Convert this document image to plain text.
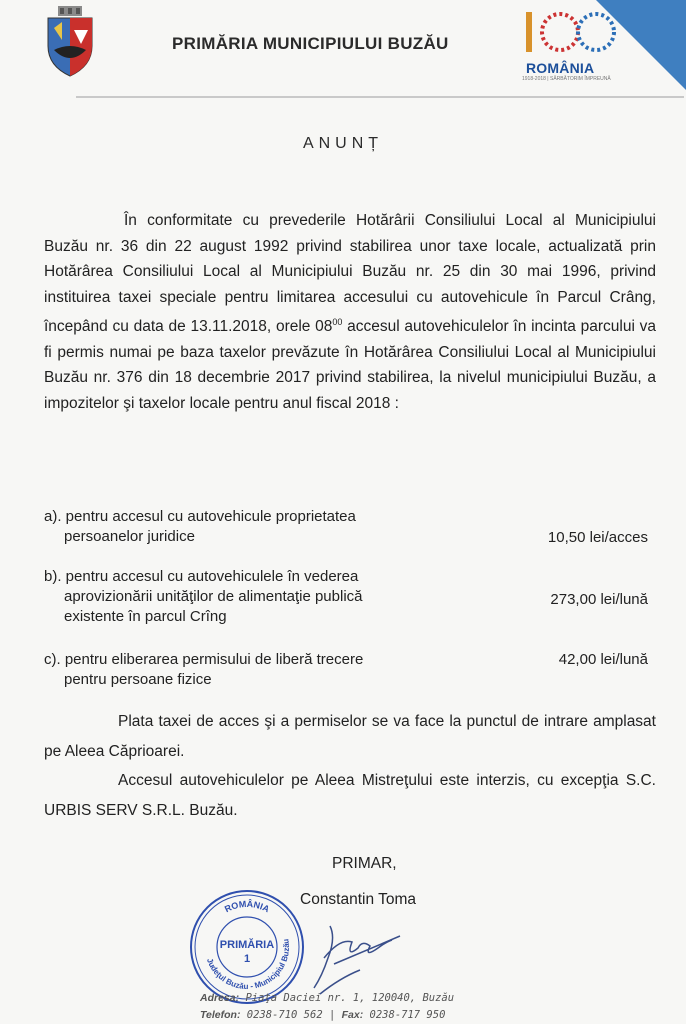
PRIMĂRIA MUNICIPIULUI BUZĂU
ROMÂNIA
1918-2018 | SĂRBĂTORIM ÎMPREUNĂ
ANUNȚ
În conformitate cu prevederile Hotărârii Consiliului Local al Municipiului Buzău nr. 36 din 22 august 1992 privind stabilirea unor taxe locale, actualizată prin Hotărârea Consiliului Local al Municipiului Buzău nr. 25 din 30 mai 1996, privind instituirea taxei speciale pentru limitarea accesului cu autovehicule în Parcul Crâng, începând cu data de 13.11.2018, orele $08^{00}$ accesul autovehiculelor în incinta parcului va fi permis numai pe baza taxelor prevăzute în Hotărârea Consiliului Local al Municipiului Buzău nr. 376 din 18 decembrie 2017 privind stabilirea, la nivelul municipiului Buzău, a impozitelor şi taxelor locale pentru anul fiscal 2018 :
a). pentru accesul cu autovehicule proprietatea
persoanelor juridice	10,50 lei/acces
b). pentru accesul cu autovehiculele în vederea
aprovizionării unităţilor de alimentaţie publică
existente în parcul Crîng
273,00 lei/lună
c). pentru eliberarea permisului de liberă trecere
pentru persoane fizice
42,00 lei/lună
Plata taxei de acces şi a permiselor se va face la punctul de intrare amplasat pe Aleea Căprioarei.
Accesul autovehiculelor pe Aleea Mistreţului este interzis, cu excepţia S.C. URBIS SERV S.R.L. Buzău.
PRIMAR,
Constantin Toma
ROMÂNIA
Judeţul Buzău - Municipiul Buzău
PRIMĂRIA
1
Adresa: Piaţa Daciei nr. 1, 120040, Buzău
Telefon: 0238-710 562 | Fax: 0238-717 950
